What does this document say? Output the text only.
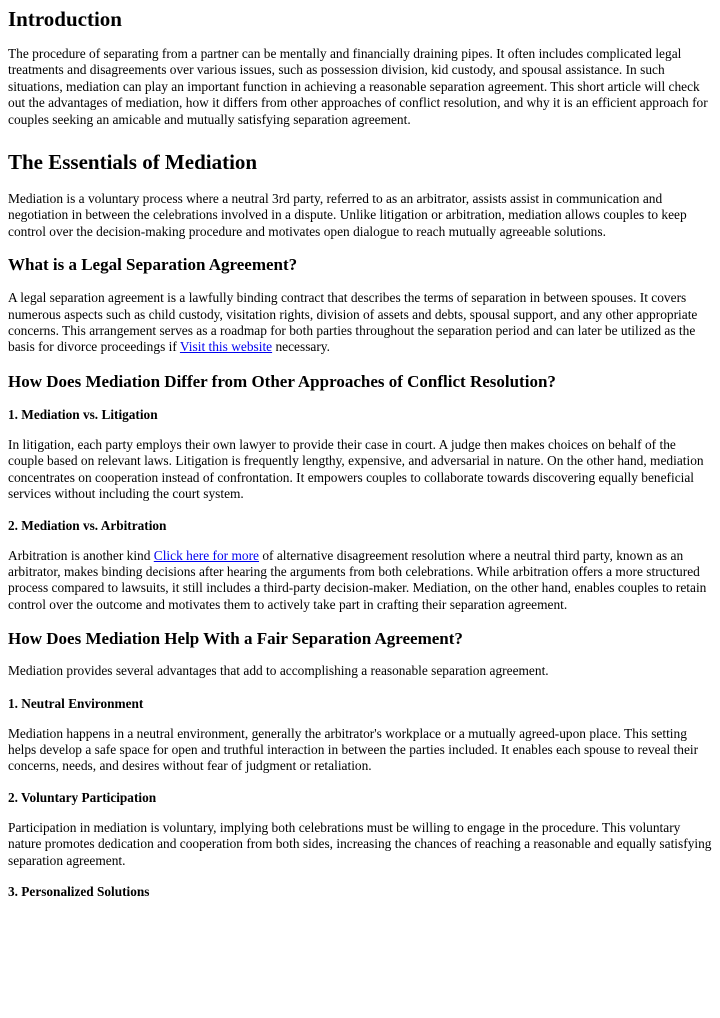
Introduction

The procedure of separating from a partner can be mentally and financially draining pipes. It often includes complicated legal treatments and disagreements over various issues, such as possession division, kid custody, and spousal assistance. In such situations, mediation can play an important function in achieving a reasonable separation agreement. This short article will check out the advantages of mediation, how it differs from other approaches of conflict resolution, and why it is an efficient approach for couples seeking an amicable and mutually satisfying separation agreement.

The Essentials of Mediation

Mediation is a voluntary process where a neutral 3rd party, referred to as an arbitrator, assists assist in communication and negotiation in between the celebrations involved in a dispute. Unlike litigation or arbitration, mediation allows couples to keep control over the decision-making procedure and motivates open dialogue to reach mutually agreeable solutions.

What is a Legal Separation Agreement?

A legal separation agreement is a lawfully binding contract that describes the terms of separation in between spouses. It covers numerous aspects such as child custody, visitation rights, division of assets and debts, spousal support, and any other appropriate concerns. This arrangement serves as a roadmap for both parties throughout the separation period and can later be utilized as the basis for divorce proceedings if Visit this website necessary.

How Does Mediation Differ from Other Approaches of Conflict Resolution?
1. Mediation vs. Litigation

In litigation, each party employs their own lawyer to provide their case in court. A judge then makes choices on behalf of the couple based on relevant laws. Litigation is frequently lengthy, expensive, and adversarial in nature. On the other hand, mediation concentrates on cooperation instead of confrontation. It empowers couples to collaborate towards discovering equally beneficial services without including the court system.

2. Mediation vs. Arbitration

Arbitration is another kind Click here for more of alternative disagreement resolution where a neutral third party, known as an arbitrator, makes binding decisions after hearing the arguments from both celebrations. While arbitration offers a more structured process compared to lawsuits, it still includes a third-party decision-maker. Mediation, on the other hand, enables couples to retain control over the outcome and motivates them to actively take part in crafting their separation agreement.

How Does Mediation Help With a Fair Separation Agreement?

Mediation provides several advantages that add to accomplishing a reasonable separation agreement.

1. Neutral Environment

Mediation happens in a neutral environment, generally the arbitrator's workplace or a mutually agreed-upon place. This setting helps develop a safe space for open and truthful interaction in between the parties included. It enables each spouse to reveal their concerns, needs, and desires without fear of judgment or retaliation.

2. Voluntary Participation

Participation in mediation is voluntary, implying both celebrations must be willing to engage in the procedure. This voluntary nature promotes dedication and cooperation from both sides, increasing the chances of reaching a reasonable and equally satisfying separation agreement.

3. Personalized Solutions
